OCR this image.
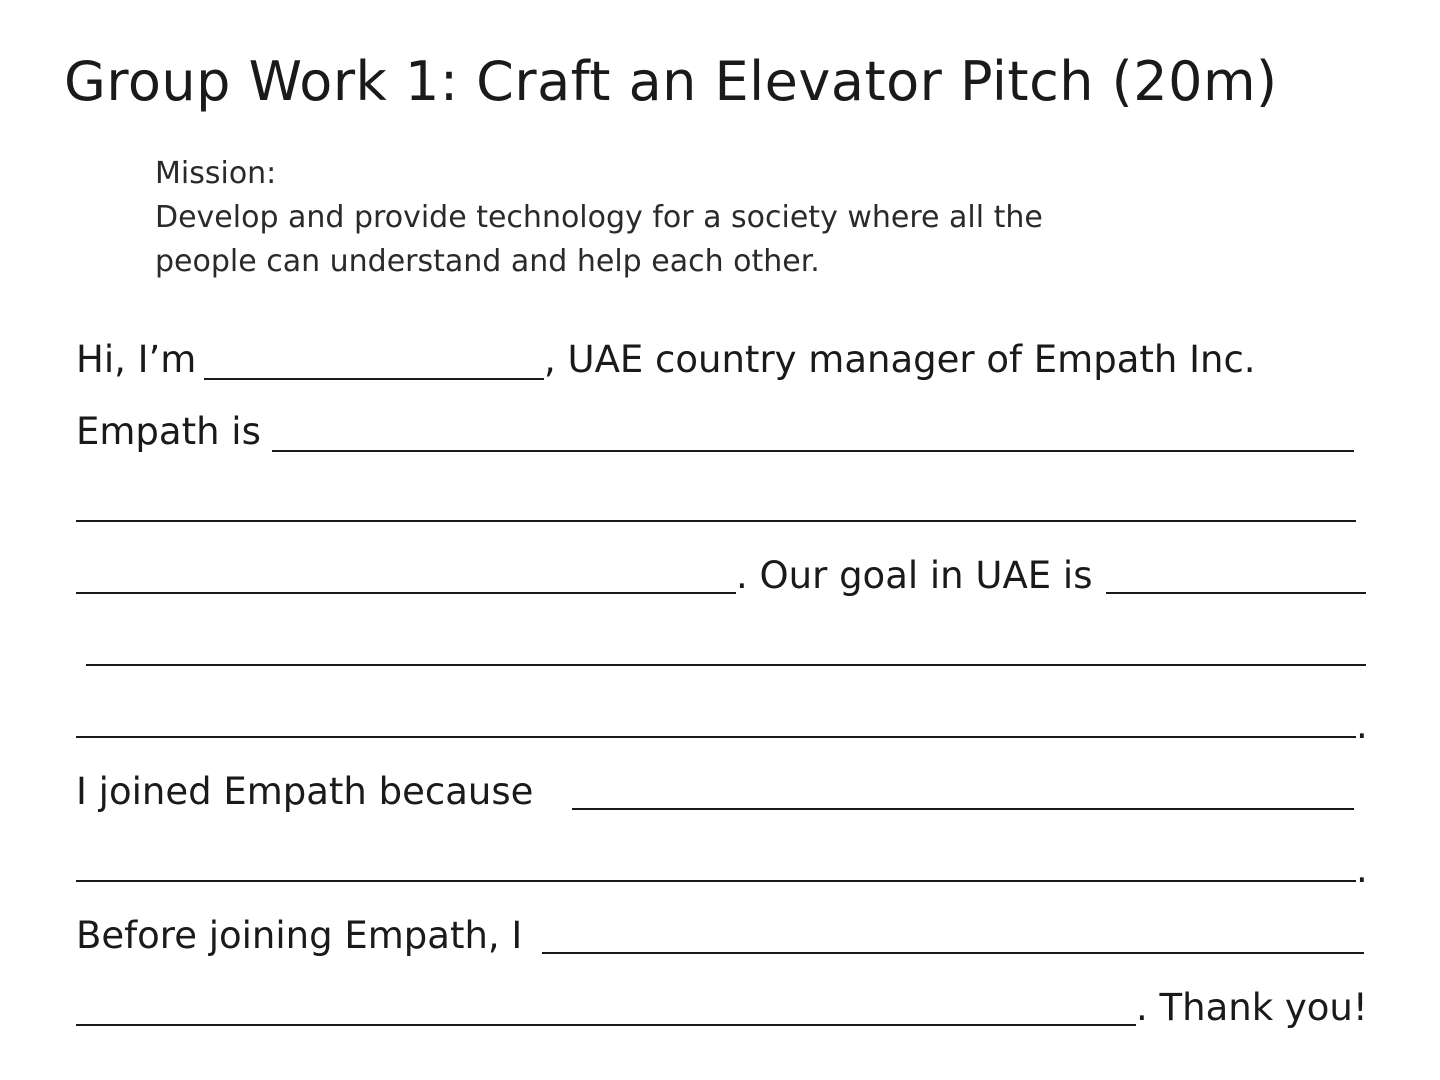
Group Work 1: Craft an Elevator Pitch (20m)
Mission:
Develop and provide technology for a society where all the
people can understand and help each other.
Hi, I’m	, UAE country manager of Empath Inc.
Empath is
. Our goal in UAE is
.
I joined Empath because
.
Before joining Empath, I
. Thank you!
